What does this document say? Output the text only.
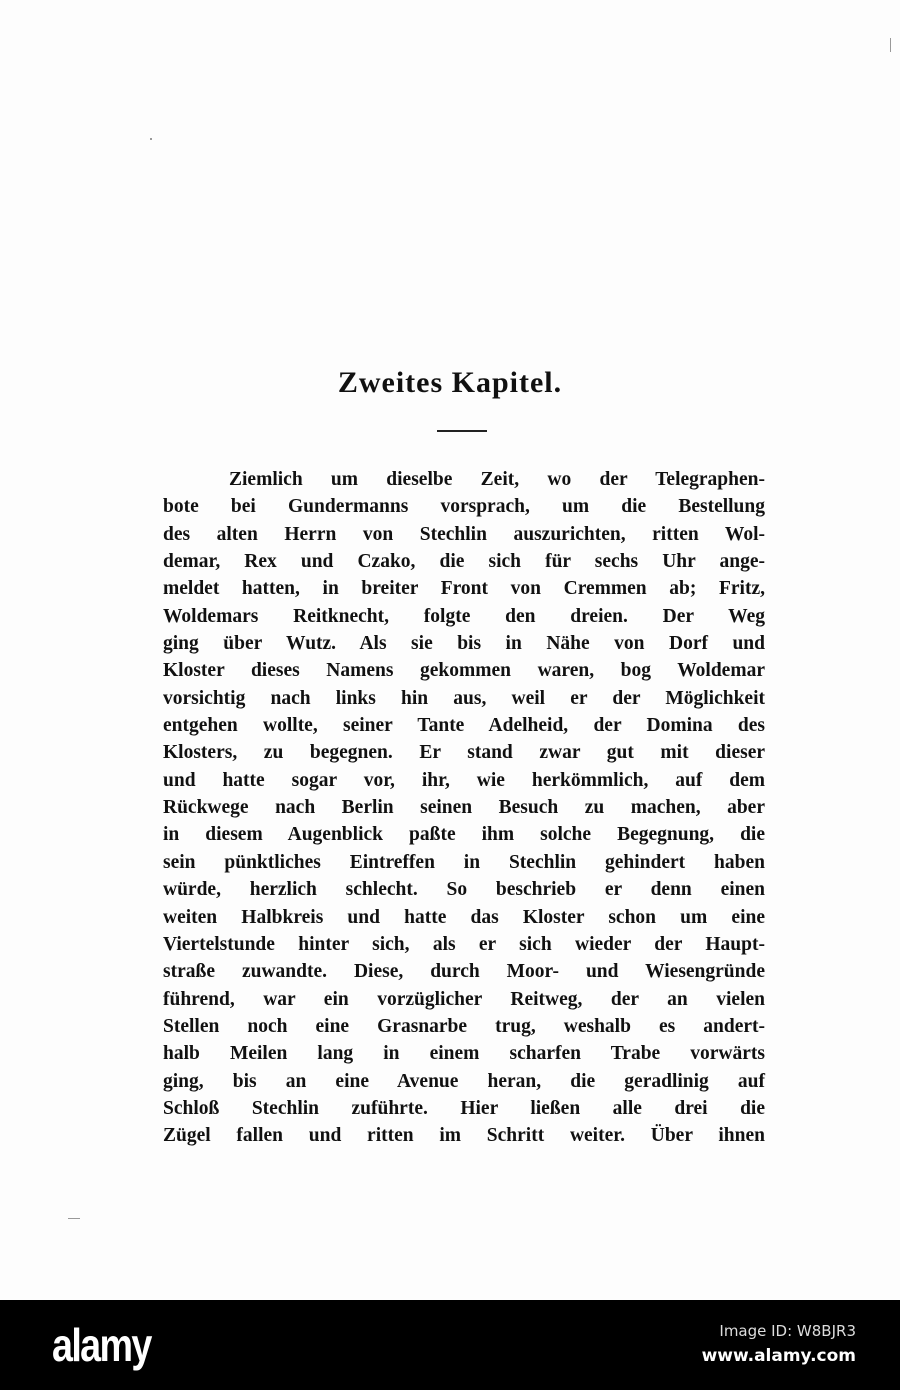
Zweites Kapitel.
Ziemlich um dieselbe Zeit, wo der Telegraphen-
bote bei Gundermanns vorsprach, um die Bestellung
des alten Herrn von Stechlin auszurichten, ritten Wol-
demar, Rex und Czako, die sich für sechs Uhr ange-
meldet hatten, in breiter Front von Cremmen ab; Fritz,
Woldemars Reitknecht, folgte den dreien. Der Weg
ging über Wutz. Als sie bis in Nähe von Dorf und
Kloster dieses Namens gekommen waren, bog Woldemar
vorsichtig nach links hin aus, weil er der Möglichkeit
entgehen wollte, seiner Tante Adelheid, der Domina des
Klosters, zu begegnen. Er stand zwar gut mit dieser
und hatte sogar vor, ihr, wie herkömmlich, auf dem
Rückwege nach Berlin seinen Besuch zu machen, aber
in diesem Augenblick paßte ihm solche Begegnung, die
sein pünktliches Eintreffen in Stechlin gehindert haben
würde, herzlich schlecht. So beschrieb er denn einen
weiten Halbkreis und hatte das Kloster schon um eine
Viertelstunde hinter sich, als er sich wieder der Haupt-
straße zuwandte. Diese, durch Moor- und Wiesengründe
führend, war ein vorzüglicher Reitweg, der an vielen
Stellen noch eine Grasnarbe trug, weshalb es andert-
halb Meilen lang in einem scharfen Trabe vorwärts
ging, bis an eine Avenue heran, die geradlinig auf
Schloß Stechlin zuführte. Hier ließen alle drei die
Zügel fallen und ritten im Schritt weiter. Über ihnen
alamy	Image ID: W8BJR3
www.alamy.com
